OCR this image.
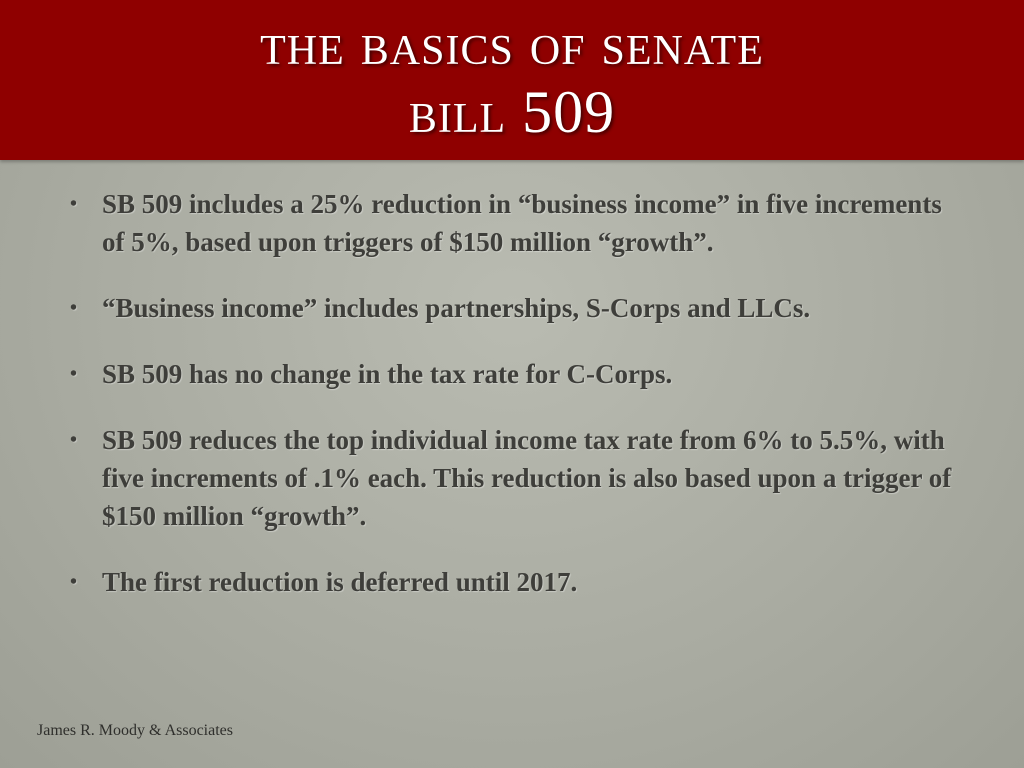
the basics of senate
bill 509
• SB 509 includes a 25% reduction in “business income” in five increments of 5%, based upon triggers of $150 million “growth”.
• “Business income” includes partnerships, S-Corps and LLCs.
• SB 509 has no change in the tax rate for C-Corps.
• SB 509 reduces the top individual income tax rate from 6% to 5.5%, with five increments of .1% each. This reduction is also based upon a trigger of $150 million “growth”.
• The first reduction is deferred until 2017.
James R. Moody & Associates
